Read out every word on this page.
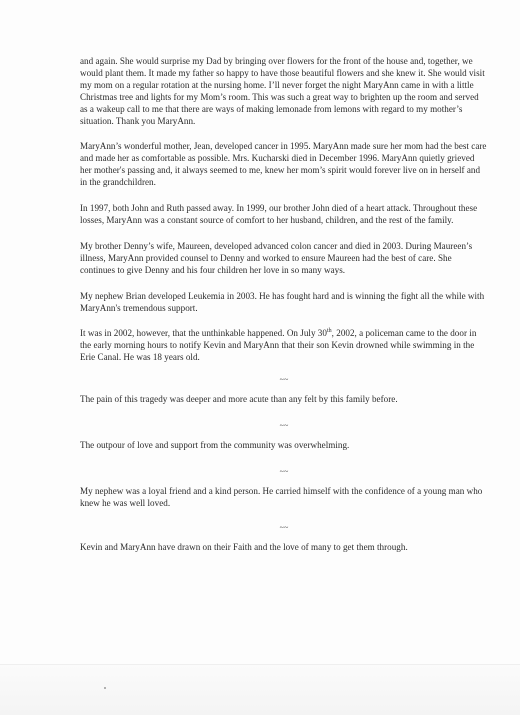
and again. She would surprise my Dad by bringing over flowers for the front of the house and, together, we would plant them. It made my father so happy to have those beautiful flowers and she knew it. She would visit my mom on a regular rotation at the nursing home. I’ll never forget the night MaryAnn came in with a little Christmas tree and lights for my Mom’s room. This was such a great way to brighten up the room and served as a wakeup call to me that there are ways of making lemonade from lemons with regard to my mother’s situation. Thank you MaryAnn.

MaryAnn’s wonderful mother, Jean, developed cancer in 1995. MaryAnn made sure her mom had the best care and made her as comfortable as possible. Mrs. Kucharski died in December 1996. MaryAnn quietly grieved her mother's passing and, it always seemed to me, knew her mom’s spirit would forever live on in herself and in the grandchildren.

In 1997, both John and Ruth passed away. In 1999, our brother John died of a heart attack. Throughout these losses, MaryAnn was a constant source of comfort to her husband, children, and the rest of the family.

My brother Denny’s wife, Maureen, developed advanced colon cancer and died in 2003. During Maureen’s illness, MaryAnn provided counsel to Denny and worked to ensure Maureen had the best of care. She continues to give Denny and his four children her love in so many ways.

My nephew Brian developed Leukemia in 2003. He has fought hard and is winning the fight all the while with MaryAnn's tremendous support.

It was in 2002, however, that the unthinkable happened. On July 30th, 2002, a policeman came to the door in the early morning hours to notify Kevin and MaryAnn that their son Kevin drowned while swimming in the Erie Canal. He was 18 years old.

~~

The pain of this tragedy was deeper and more acute than any felt by this family before.

~~

The outpour of love and support from the community was overwhelming.

~~

My nephew was a loyal friend and a kind person. He carried himself with the confidence of a young man who knew he was well loved.

~~

Kevin and MaryAnn have drawn on their Faith and the love of many to get them through.
